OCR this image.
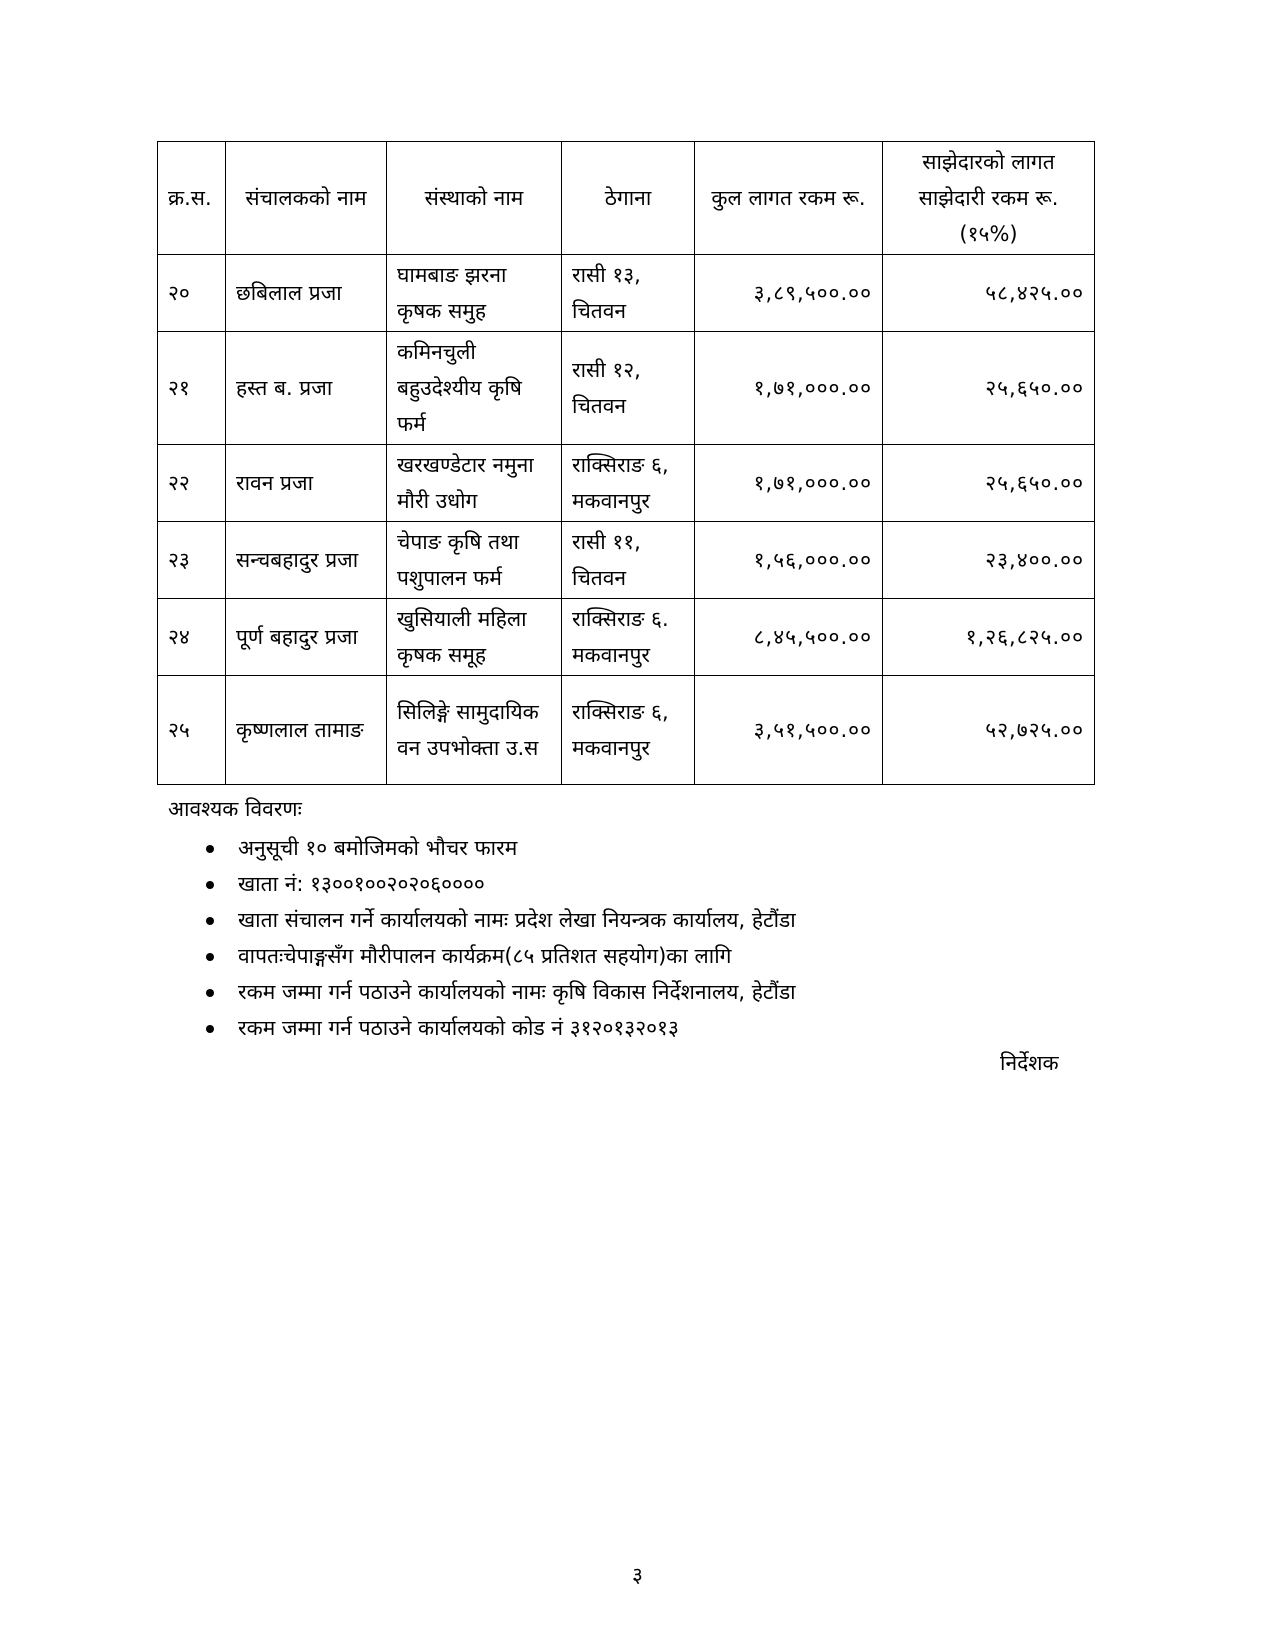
क्र.स.	संचालकको नाम	संस्थाको नाम	ठेगाना	कुल लागत रकम रू.	साझेदारको लागत साझेदारी रकम रू. (१५%)
२०	छबिलाल प्रजा	घामबाङ झरना कृषक समुह	रासी १३, चितवन	३,८९,५००.००	५८,४२५.००
२१	हस्त ब. प्रजा	कमिनचुली बहुउदेश्यीय कृषि फर्म	रासी १२, चितवन	१,७१,०००.००	२५,६५०.००
२२	रावन प्रजा	खरखण्डेटार नमुना मौरी उधोग	राक्सिराङ ६, मकवानपुर	१,७१,०००.००	२५,६५०.००
२३	सन्चबहादुर प्रजा	चेपाङ कृषि तथा पशुपालन फर्म	रासी ११, चितवन	१,५६,०००.००	२३,४००.००
२४	पूर्ण बहादुर प्रजा	खुसियाली महिला कृषक समूह	राक्सिराङ ६. मकवानपुर	८,४५,५००.००	१,२६,८२५.००
२५	कृष्णलाल तामाङ	सिलिङ्गे सामुदायिक वन उपभोक्ता उ.स	राक्सिराङ ६, मकवानपुर	३,५१,५००.००	५२,७२५.००

आवश्यक विवरणः

अनुसूची १० बमोजिमको भौचर फारम
खाता नं: १३००१००२०२०६००००
खाता संचालन गर्ने कार्यालयको नामः प्रदेश लेखा नियन्त्रक कार्यालय, हेटौंडा
वापतःचेपाङ्गसँग मौरीपालन कार्यक्रम(८५ प्रतिशत सहयोग)का लागि
रकम जम्मा गर्न पठाउने कार्यालयको नामः कृषि विकास निर्देशनालय, हेटौंडा
रकम जम्मा गर्न पठाउने कार्यालयको कोड नं ३१२०१३२०१३
निर्देशक
३
